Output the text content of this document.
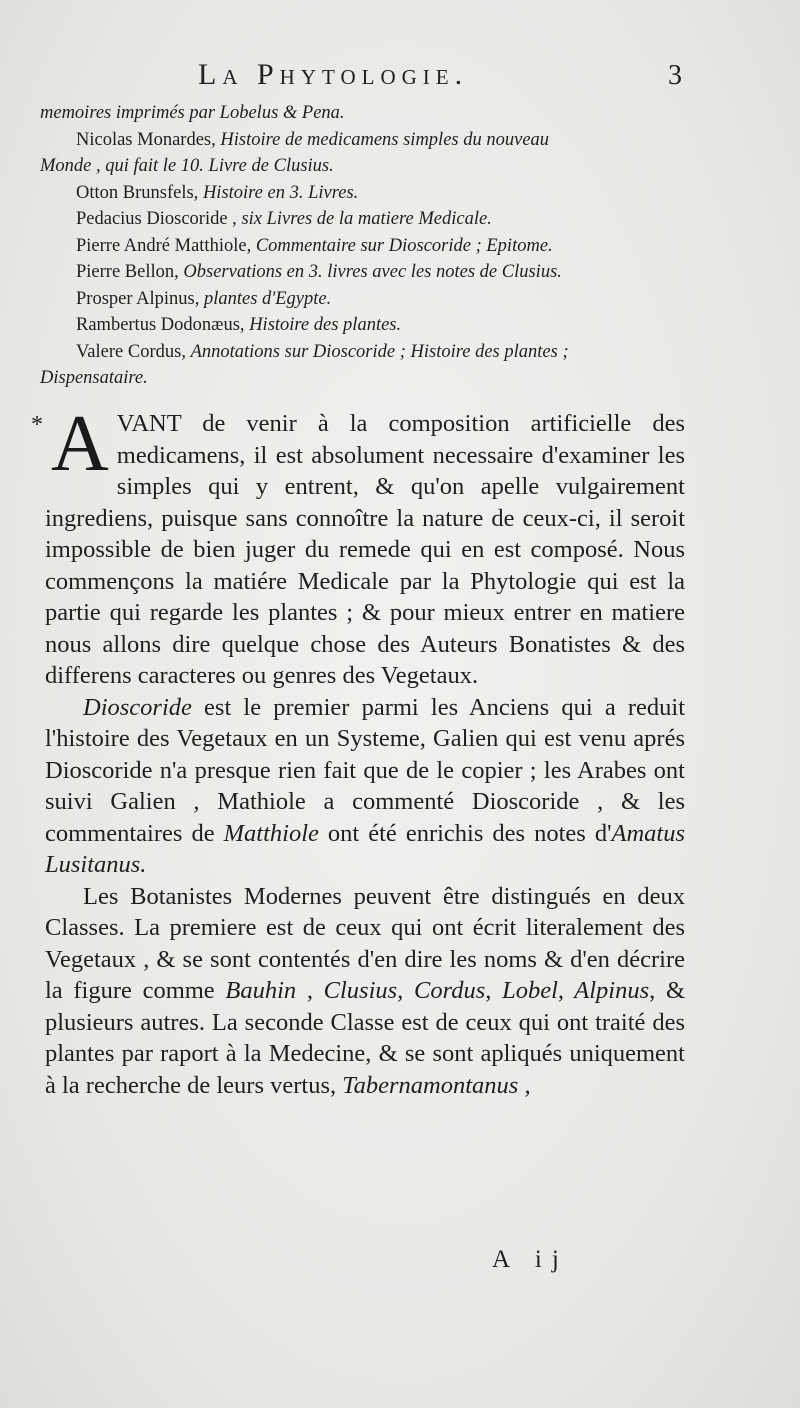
La Phytologie.	3
memoires imprimés par Lobelus & Pena.
Nicolas Monardes, Histoire de medicamens simples du nouveau
Monde , qui fait le 10. Livre de Clusius.
Otton Brunsfels, Histoire en 3. Livres.
Pedacius Dioscoride , six Livres de la matiere Medicale.
Pierre André Matthiole, Commentaire sur Dioscoride ; Epitome.
Pierre Bellon, Observations en 3. livres avec les notes de Clusius.
Prosper Alpinus, plantes d'Egypte.
Rambertus Dodonæus, Histoire des plantes.
Valere Cordus, Annotations sur Dioscoride ; Histoire des plantes ;
Dispensataire.

* A VANT de venir à la composition artificielle des medicamens, il est absolument necessaire d'examiner les simples qui y entrent, & qu'on apelle vulgairement ingrediens, puisque sans connoître la nature de ceux-ci, il seroit impossible de bien juger du remede qui en est composé. Nous commençons la matiére Medicale par la Phytologie qui est la partie qui regarde les plantes ; & pour mieux entrer en matiere nous allons dire quelque chose des Auteurs Bonatistes & des differens caracteres ou genres des Vegetaux.

Dioscoride est le premier parmi les Anciens qui a reduit l'histoire des Vegetaux en un Systeme, Galien qui est venu aprés Dioscoride n'a presque rien fait que de le copier ; les Arabes ont suivi Galien , Mathiole a commenté Dioscoride , & les commentaires de Matthiole ont été enrichis des notes d'Amatus Lusitanus.

Les Botanistes Modernes peuvent être distingués en deux Classes. La premiere est de ceux qui ont écrit literalement des Vegetaux , & se sont contentés d'en dire les noms & d'en décrire la figure comme Bauhin , Clusius, Cordus, Lobel, Alpinus, & plusieurs autres. La seconde Classe est de ceux qui ont traité des plantes par raport à la Medecine, & se sont apliqués uniquement à la recherche de leurs vertus, Tabernamontanus ,

A ij
